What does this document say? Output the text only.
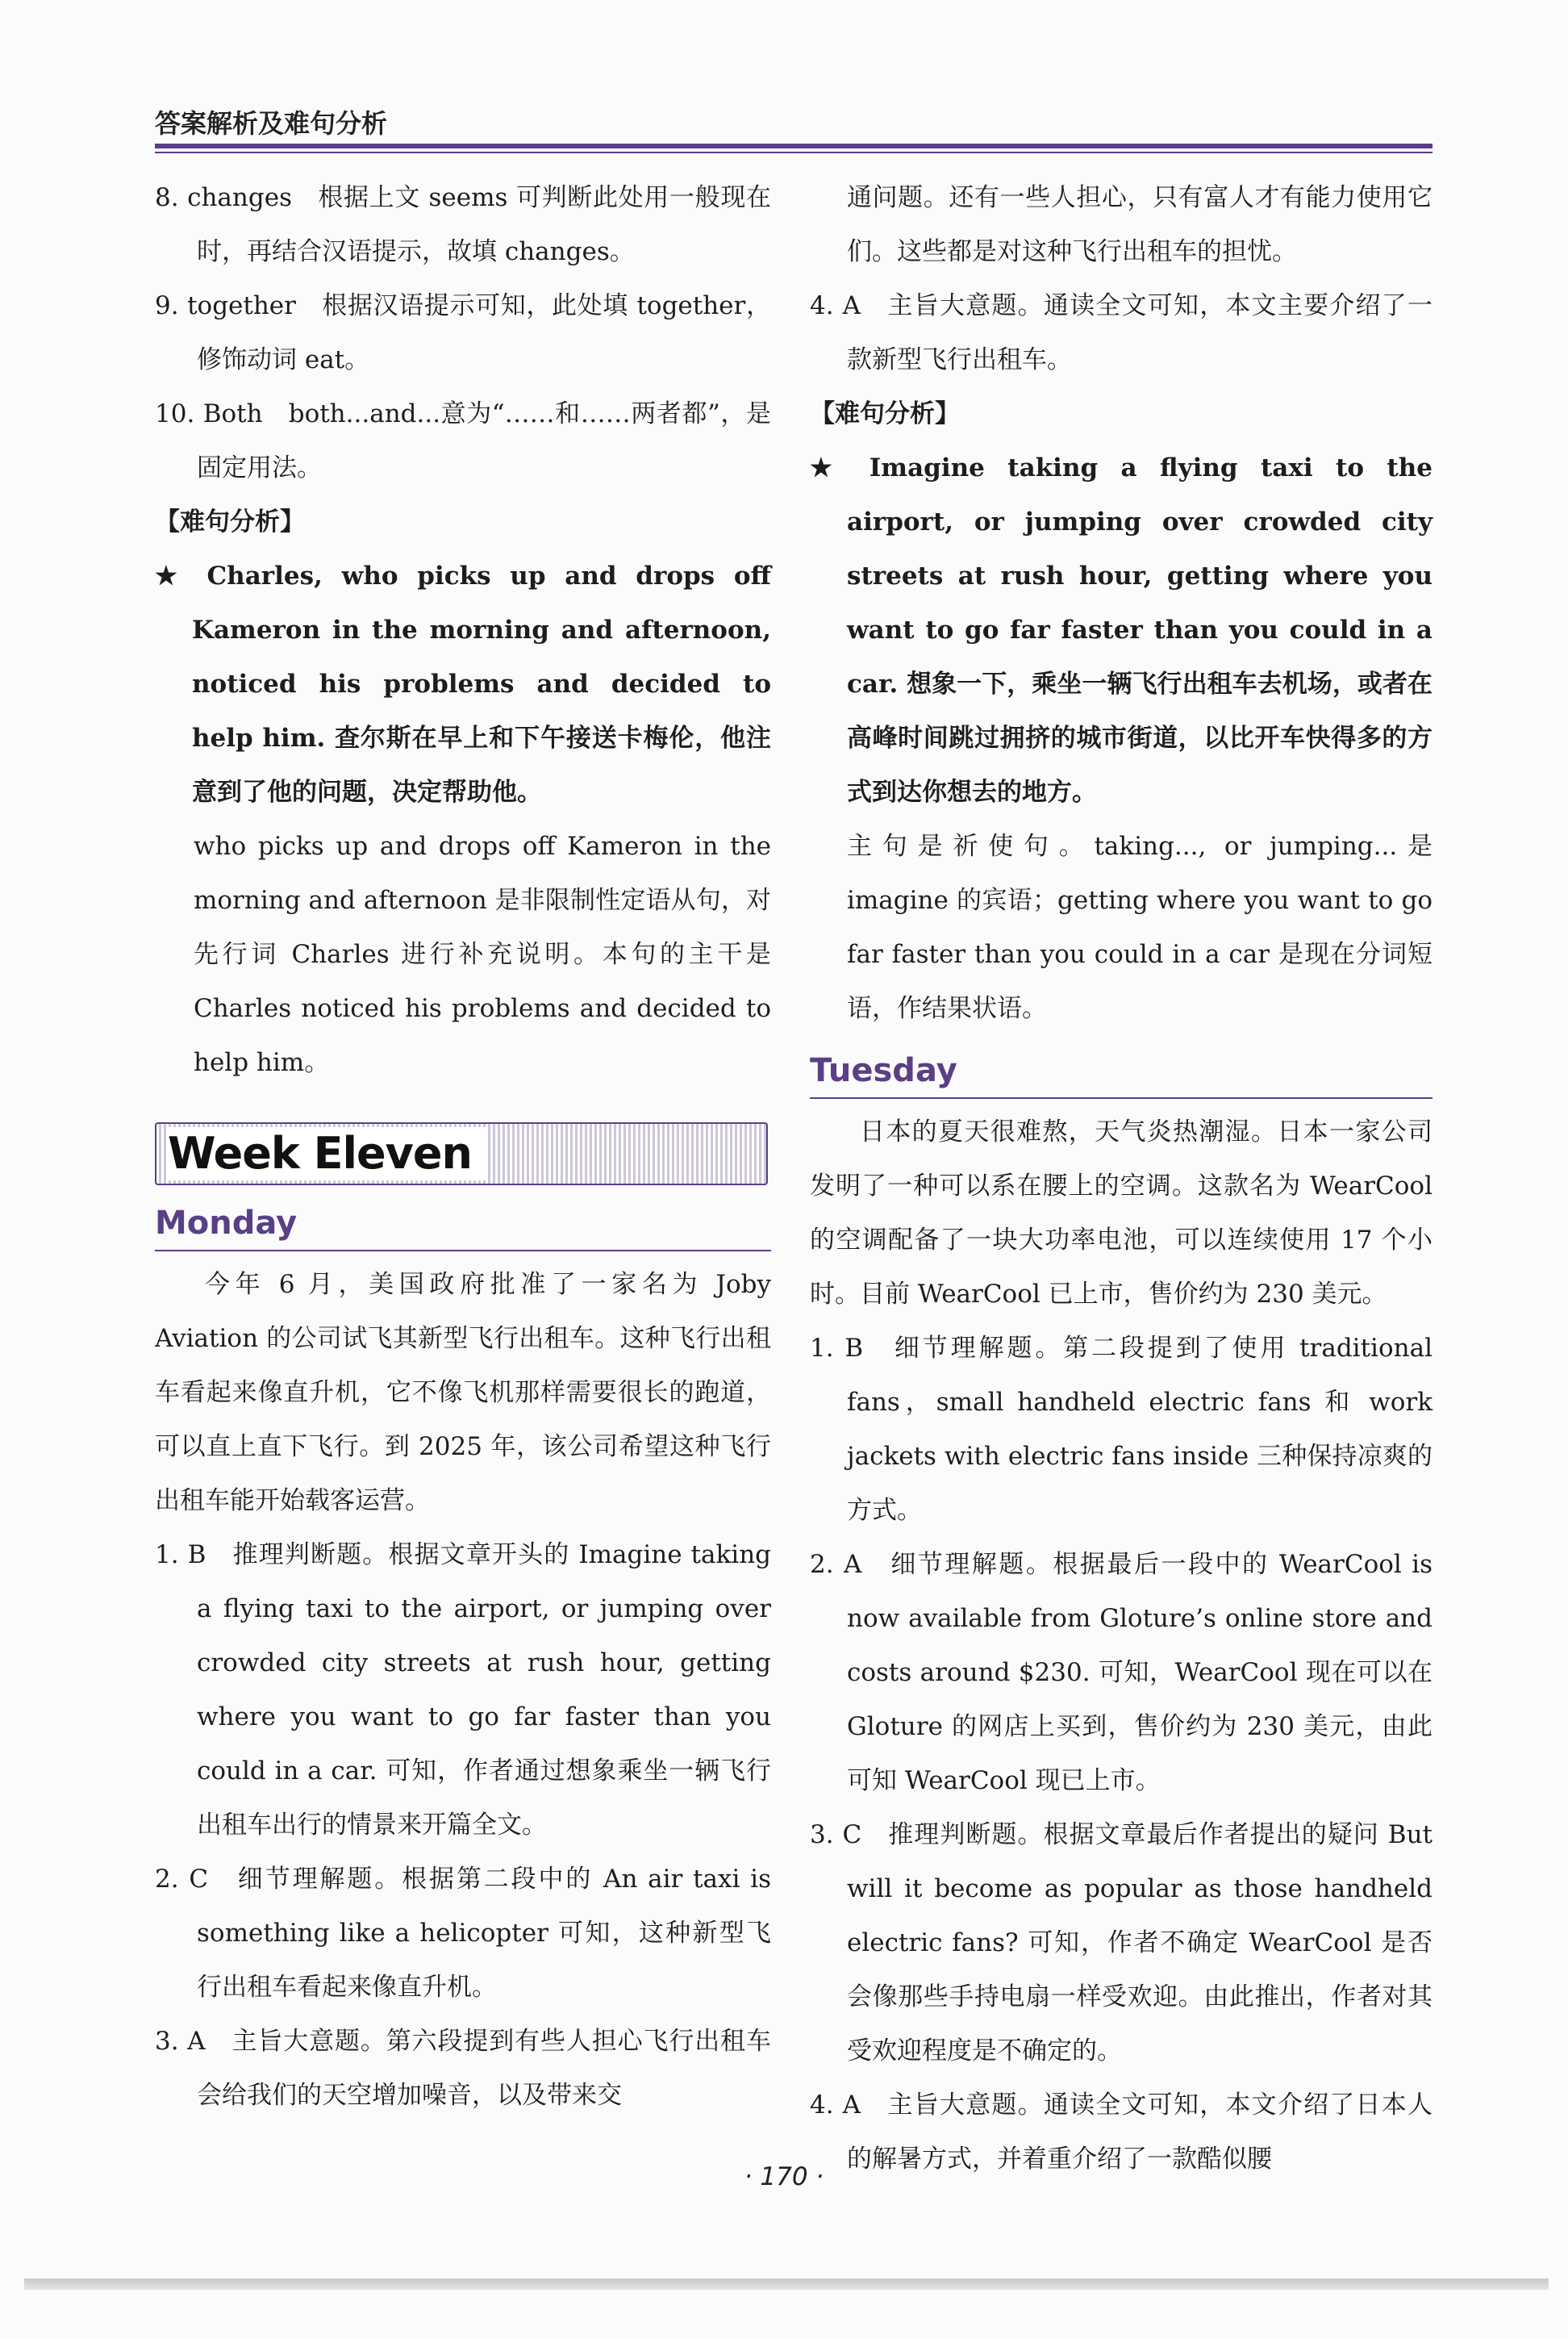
答案解析及难句分析

8. changes　根据上文 seems 可判断此处用一般现在时，再结合汉语提示，故填 changes。

9. together　根据汉语提示可知，此处填 together，修饰动词 eat。

10. Both　both...and...意为“……和……两者都”，是固定用法。

【难句分析】

★ Charles, who picks up and drops off Kameron in the morning and afternoon, noticed his problems and decided to help him. 查尔斯在早上和下午接送卡梅伦，他注意到了他的问题，决定帮助他。

who picks up and drops off Kameron in the morning and afternoon 是非限制性定语从句，对先行词 Charles 进行补充说明。本句的主干是 Charles noticed his problems and decided to help him。

Week Eleven

Monday

今年 6 月，美国政府批准了一家名为 Joby Aviation 的公司试飞其新型飞行出租车。这种飞行出租车看起来像直升机，它不像飞机那样需要很长的跑道，可以直上直下飞行。到 2025 年，该公司希望这种飞行出租车能开始载客运营。

1. B　推理判断题。根据文章开头的 Imagine taking a flying taxi to the airport, or jumping over crowded city streets at rush hour, getting where you want to go far faster than you could in a car. 可知，作者通过想象乘坐一辆飞行出租车出行的情景来开篇全文。

2. C　细节理解题。根据第二段中的 An air taxi is something like a helicopter 可知，这种新型飞行出租车看起来像直升机。

3. A　主旨大意题。第六段提到有些人担心飞行出租车会给我们的天空增加噪音，以及带来交

通问题。还有一些人担心，只有富人才有能力使用它们。这些都是对这种飞行出租车的担忧。

4. A　主旨大意题。通读全文可知，本文主要介绍了一款新型飞行出租车。

【难句分析】

★ Imagine taking a flying taxi to the airport, or jumping over crowded city streets at rush hour, getting where you want to go far faster than you could in a car. 想象一下，乘坐一辆飞行出租车去机场，或者在高峰时间跳过拥挤的城市街道，以比开车快得多的方式到达你想去的地方。

主句是祈使句。taking..., or jumping...是 imagine 的宾语；getting where you want to go far faster than you could in a car 是现在分词短语，作结果状语。

Tuesday

日本的夏天很难熬，天气炎热潮湿。日本一家公司发明了一种可以系在腰上的空调。这款名为 WearCool 的空调配备了一块大功率电池，可以连续使用 17 个小时。目前 WearCool 已上市，售价约为 230 美元。

1. B　细节理解题。第二段提到了使用 traditional fans，small handheld electric fans 和 work jackets with electric fans inside 三种保持凉爽的方式。

2. A　细节理解题。根据最后一段中的 WearCool is now available from Gloture’s online store and costs around $230. 可知，WearCool 现在可以在 Gloture 的网店上买到，售价约为 230 美元，由此可知 WearCool 现已上市。

3. C　推理判断题。根据文章最后作者提出的疑问 But will it become as popular as those handheld electric fans? 可知，作者不确定 WearCool 是否会像那些手持电扇一样受欢迎。由此推出，作者对其受欢迎程度是不确定的。

4. A　主旨大意题。通读全文可知，本文介绍了日本人的解暑方式，并着重介绍了一款酷似腰

· 170 ·
